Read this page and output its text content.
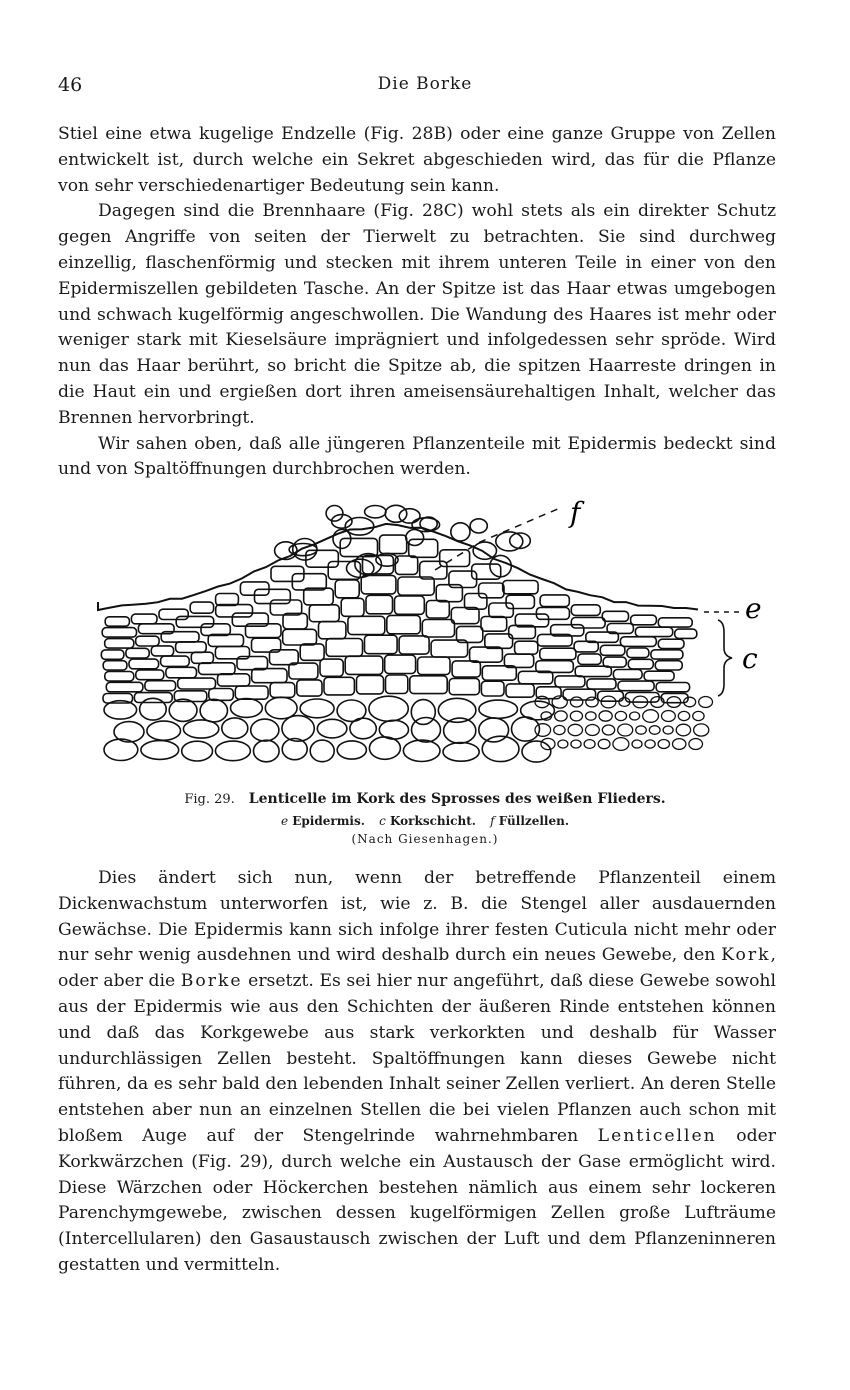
46	Die Borke

Stiel eine etwa kugelige Endzelle (Fig. 28B) oder eine ganze Gruppe von Zellen entwickelt ist, durch welche ein Sekret abgeschieden wird, das für die Pflanze von sehr verschiedenartiger Bedeutung sein kann.

Dagegen sind die Brennhaare (Fig. 28C) wohl stets als ein direkter Schutz gegen Angriffe von seiten der Tierwelt zu betrachten. Sie sind durchweg einzellig, flaschenförmig und stecken mit ihrem unteren Teile in einer von den Epidermiszellen gebildeten Tasche. An der Spitze ist das Haar etwas umgebogen und schwach kugelförmig angeschwollen. Die Wandung des Haares ist mehr oder weniger stark mit Kieselsäure imprägniert und infolgedessen sehr spröde. Wird nun das Haar berührt, so bricht die Spitze ab, die spitzen Haarreste dringen in die Haut ein und ergießen dort ihren ameisensäurehaltigen Inhalt, welcher das Brennen hervorbringt.

Wir sahen oben, daß alle jüngeren Pflanzenteile mit Epidermis bedeckt sind und von Spaltöffnungen durchbrochen werden.

f
e
c
Fig. 29. Lenticelle im Kork des Sprosses des weißen Flieders.
e Epidermis. c Korkschicht. f Füllzellen.
(Nach Giesenhagen.)

Dies ändert sich nun, wenn der betreffende Pflanzenteil einem Dickenwachstum unterworfen ist, wie z. B. die Stengel aller ausdauernden Gewächse. Die Epidermis kann sich infolge ihrer festen Cuticula nicht mehr oder nur sehr wenig ausdehnen und wird deshalb durch ein neues Gewebe, den Kork, oder aber die Borke ersetzt. Es sei hier nur angeführt, daß diese Gewebe sowohl aus der Epidermis wie aus den Schichten der äußeren Rinde entstehen können und daß das Korkgewebe aus stark verkorkten und deshalb für Wasser undurchlässigen Zellen besteht. Spaltöffnungen kann dieses Gewebe nicht führen, da es sehr bald den lebenden Inhalt seiner Zellen verliert. An deren Stelle entstehen aber nun an einzelnen Stellen die bei vielen Pflanzen auch schon mit bloßem Auge auf der Stengelrinde wahrnehmbaren Lenticellen oder Korkwärzchen (Fig. 29), durch welche ein Austausch der Gase ermöglicht wird. Diese Wärzchen oder Höckerchen bestehen nämlich aus einem sehr lockeren Parenchymgewebe, zwischen dessen kugelförmigen Zellen große Lufträume (Intercellularen) den Gasaustausch zwischen der Luft und dem Pflanzeninneren gestatten und vermitteln.
